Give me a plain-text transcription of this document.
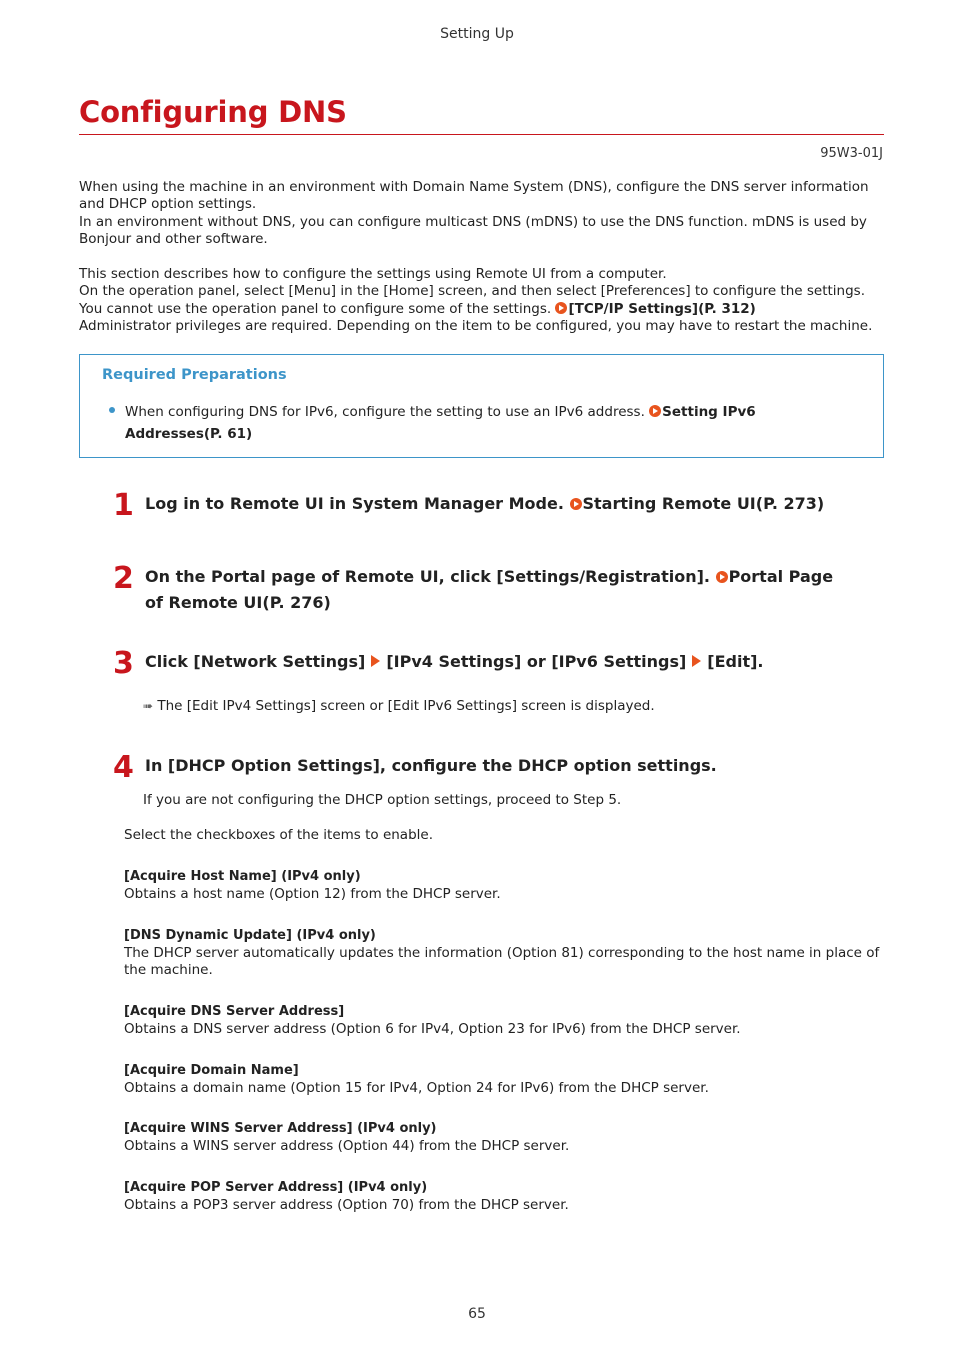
Setting Up
Configuring DNS
95W3-01J
When using the machine in an environment with Domain Name System (DNS), configure the DNS server information and DHCP option settings.
In an environment without DNS, you can configure multicast DNS (mDNS) to use the DNS function. mDNS is used by Bonjour and other software.
This section describes how to configure the settings using Remote UI from a computer.
On the operation panel, select [Menu] in the [Home] screen, and then select [Preferences] to configure the settings.
You cannot use the operation panel to configure some of the settings. [TCP/IP Settings](P. 312)
Administrator privileges are required. Depending on the item to be configured, you may have to restart the machine.
Required Preparations
When configuring DNS for IPv6, configure the setting to use an IPv6 address. Setting IPv6 Addresses(P. 61)
1 Log in to Remote UI in System Manager Mode. Starting Remote UI(P. 273)
2 On the Portal page of Remote UI, click [Settings/Registration]. Portal Page of Remote UI(P. 276)
3 Click [Network Settings] [IPv4 Settings] or [IPv6 Settings] [Edit].
➠ The [Edit IPv4 Settings] screen or [Edit IPv6 Settings] screen is displayed.
4 In [DHCP Option Settings], configure the DHCP option settings.
If you are not configuring the DHCP option settings, proceed to Step 5.
Select the checkboxes of the items to enable.
[Acquire Host Name] (IPv4 only)
Obtains a host name (Option 12) from the DHCP server.
[DNS Dynamic Update] (IPv4 only)
The DHCP server automatically updates the information (Option 81) corresponding to the host name in place of the machine.
[Acquire DNS Server Address]
Obtains a DNS server address (Option 6 for IPv4, Option 23 for IPv6) from the DHCP server.
[Acquire Domain Name]
Obtains a domain name (Option 15 for IPv4, Option 24 for IPv6) from the DHCP server.
[Acquire WINS Server Address] (IPv4 only)
Obtains a WINS server address (Option 44) from the DHCP server.
[Acquire POP Server Address] (IPv4 only)
Obtains a POP3 server address (Option 70) from the DHCP server.
65
